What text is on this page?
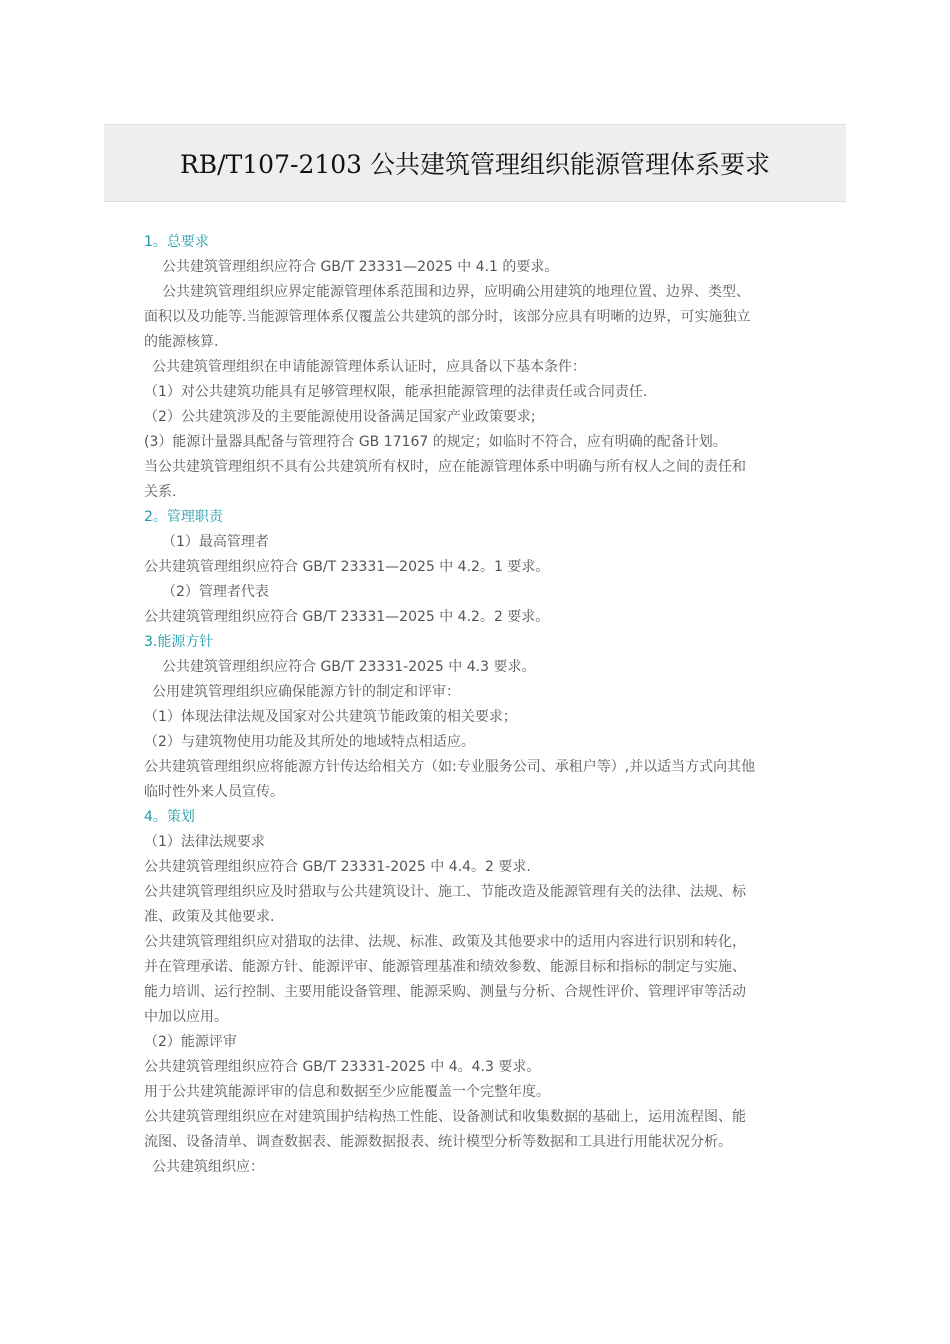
RB/T107-2103 公共建筑管理组织能源管理体系要求

1。总要求

公共建筑管理组织应符合 GB/T 23331—2025 中 4.1 的要求。

公共建筑管理组织应界定能源管理体系范围和边界，应明确公用建筑的地理位置、边界、类型、

面积以及功能等.当能源管理体系仅覆盖公共建筑的部分时，该部分应具有明晰的边界，可实施独立

的能源核算.

公共建筑管理组织在申请能源管理体系认证时，应具备以下基本条件：

（1）对公共建筑功能具有足够管理权限，能承担能源管理的法律责任或合同责任.

（2）公共建筑涉及的主要能源使用设备满足国家产业政策要求;

(3）能源计量器具配备与管理符合 GB 17167 的规定；如临时不符合，应有明确的配备计划。

当公共建筑管理组织不具有公共建筑所有权时，应在能源管理体系中明确与所有权人之间的责任和

关系.

2。管理职责

（1）最高管理者

公共建筑管理组织应符合 GB/T 23331—2025 中 4.2。1 要求。

（2）管理者代表

公共建筑管理组织应符合 GB/T 23331—2025 中 4.2。2 要求。

3.能源方针

公共建筑管理组织应符合 GB/T 23331-2025 中 4.3 要求。

公用建筑管理组织应确保能源方针的制定和评审：

（1）体现法律法规及国家对公共建筑节能政策的相关要求；

（2）与建筑物使用功能及其所处的地域特点相适应。

公共建筑管理组织应将能源方针传达给相关方（如:专业服务公司、承租户等）,并以适当方式向其他

临时性外来人员宣传。

4。策划

（1）法律法规要求

公共建筑管理组织应符合 GB/T 23331-2025 中 4.4。2 要求.

公共建筑管理组织应及时猎取与公共建筑设计、施工、节能改造及能源管理有关的法律、法规、标

准、政策及其他要求.

公共建筑管理组织应对猎取的法律、法规、标准、政策及其他要求中的适用内容进行识别和转化，

并在管理承诺、能源方针、能源评审、能源管理基准和绩效参数、能源目标和指标的制定与实施、

能力培训、运行控制、主要用能设备管理、能源采购、测量与分析、合规性评价、管理评审等活动

中加以应用。

（2）能源评审

公共建筑管理组织应符合 GB/T 23331-2025 中 4。4.3 要求。

用于公共建筑能源评审的信息和数据至少应能覆盖一个完整年度。

公共建筑管理组织应在对建筑围护结构热工性能、设备测试和收集数据的基础上，运用流程图、能

流图、设备清单、调查数据表、能源数据报表、统计模型分析等数据和工具进行用能状况分析。

公共建筑组织应：
